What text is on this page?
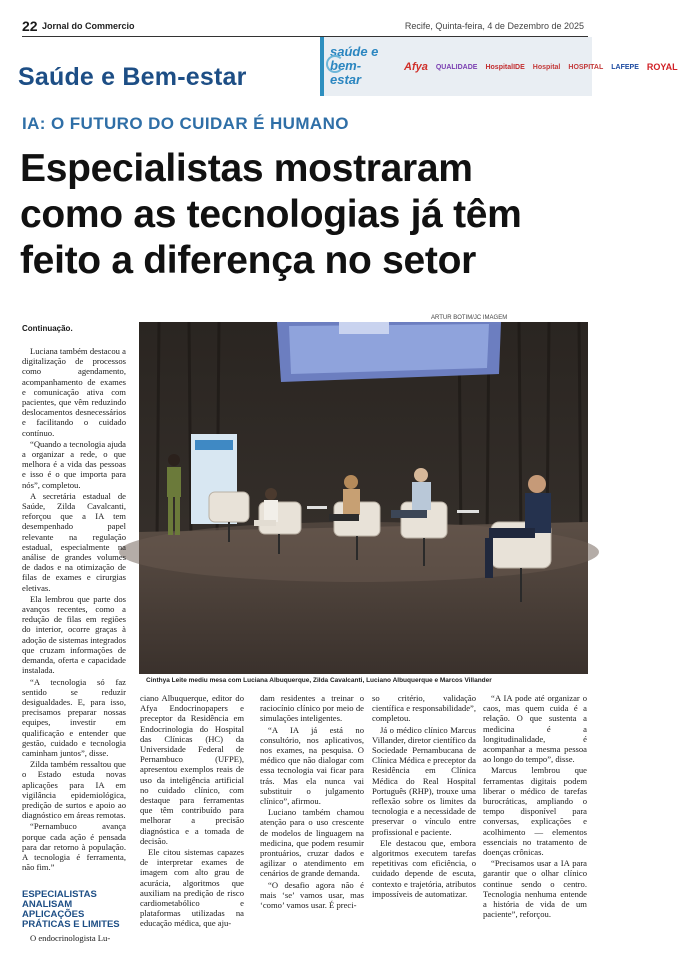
22 Jornal do Commercio	Recife, Quinta-feira, 4 de Dezembro de 2025
Saúde e Bem-estar
saúde e
bem-estar
Afya QUALIDADE HospitalIDE Hospital HOSPITAL LAFEPE ROYAL
IA: O FUTURO DO CUIDAR É HUMANO
Especialistas mostraram como as tecnologias já têm feito a diferença no setor
ARTUR BOTIM/JC IMAGEM
Cinthya Leite mediu mesa com Luciana Albuquerque, Zilda Cavalcanti, Luciano Albuquerque e Marcos Villander
Continuação.

Luciana também destacou a digitalização de processos como agendamento, acompanhamento de exames e comunicação ativa com pacientes, que vêm reduzindo deslocamentos desnecessários e facilitando o cuidado contínuo.

“Quando a tecnologia ajuda a organizar a rede, o que melhora é a vida das pessoas e isso é o que importa para nós”, completou.

A secretária estadual de Saúde, Zilda Cavalcanti, reforçou que a IA tem desempenhado papel relevante na regulação estadual, especialmente na análise de grandes volumes de dados e na otimização de filas de exames e cirurgias eletivas.

Ela lembrou que parte dos avanços recentes, como a redução de filas em regiões do interior, ocorre graças à adoção de sistemas integrados que cruzam informações de demanda, oferta e capacidade instalada.

“A tecnologia só faz sentido se reduzir desigualdades. E, para isso, precisamos preparar nossas equipes, investir em qualificação e entender que gestão, cuidado e tecnologia caminham juntos”, disse.

Zilda também ressaltou que o Estado estuda novas aplicações para IA em vigilância epidemiológica, predição de surtos e apoio ao diagnóstico em áreas remotas.

“Pernambuco avança porque cada ação é pensada para dar retorno à população. A tecnologia é ferramenta, não fim.”

ESPECIALISTAS ANALISAM APLICAÇÕES PRÁTICAS E LIMITES
O endocrinologista Lu-

ciano Albuquerque, editor do Afya Endocrinopapers e preceptor da Residência em Endocrinologia do Hospital das Clínicas (HC) da Universidade Federal de Pernambuco (UFPE), apresentou exemplos reais de uso da inteligência artificial no cuidado clínico, com destaque para ferramentas que têm contribuído para melhorar a precisão diagnóstica e a tomada de decisão.

Ele citou sistemas capazes de interpretar exames de imagem com alto grau de acurácia, algoritmos que auxiliam na predição de risco cardiometabólico e plataformas utilizadas na educação médica, que aju-

dam residentes a treinar o raciocínio clínico por meio de simulações inteligentes.

“A IA já está no consultório, nos aplicativos, nos exames, na pesquisa. O médico que não dialogar com essa tecnologia vai ficar para trás. Mas ela nunca vai substituir o julgamento clínico”, afirmou.

Luciano também chamou atenção para o uso crescente de modelos de linguagem na medicina, que podem resumir prontuários, cruzar dados e agilizar o atendimento em cenários de grande demanda.

“O desafio agora não é mais ‘se’ vamos usar, mas ‘como’ vamos usar. É preci-

so critério, validação científica e responsabilidade”, completou.

Já o médico clínico Marcus Villander, diretor científico da Sociedade Pernambucana de Clínica Médica e preceptor da Residência em Clínica Médica do Real Hospital Português (RHP), trouxe uma reflexão sobre os limites da tecnologia e a necessidade de preservar o vínculo entre profissional e paciente.

Ele destacou que, embora algoritmos executem tarefas repetitivas com eficiência, o cuidado depende de escuta, contexto e trajetória, atributos impossíveis de automatizar.

“A IA pode até organizar o caos, mas quem cuida é a relação. O que sustenta a medicina é a longitudinalidade, é acompanhar a mesma pessoa ao longo do tempo”, disse.

Marcus lembrou que ferramentas digitais podem liberar o médico de tarefas burocráticas, ampliando o tempo disponível para conversas, explicações e acolhimento — elementos essenciais no tratamento de doenças crônicas.

“Precisamos usar a IA para garantir que o olhar clínico continue sendo o centro. Tecnologia nenhuma entende a história de vida de um paciente”, reforçou.
